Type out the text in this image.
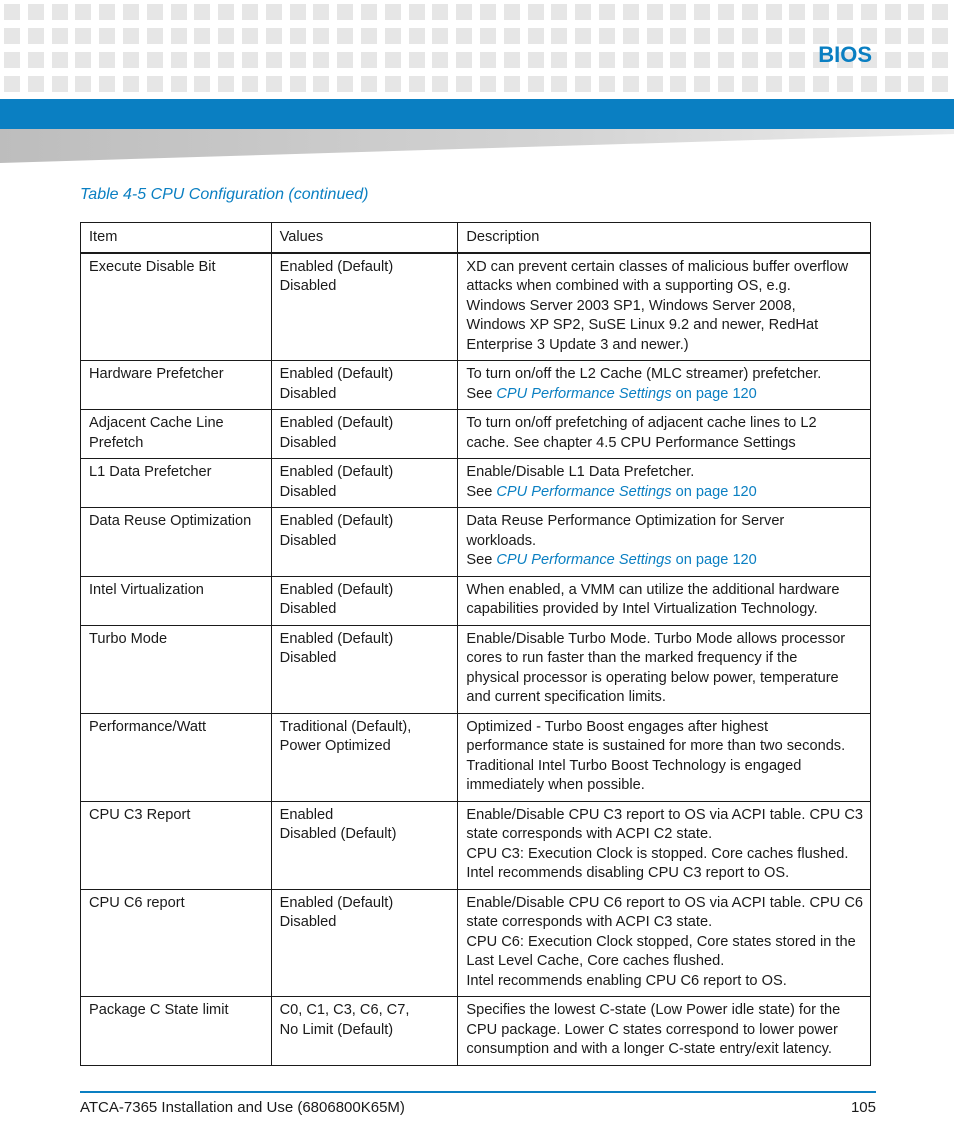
BIOS
Table 4-5 CPU Configuration (continued)
Item	Values	Description

Execute Disable Bit	Enabled (Default)
Disabled	XD can prevent certain classes of malicious buffer overflow
attacks when combined with a supporting OS, e.g.
Windows Server 2003 SP1, Windows Server 2008,
Windows XP SP2, SuSE Linux 9.2 and newer, RedHat
Enterprise 3 Update 3 and newer.)

Hardware Prefetcher	Enabled (Default)
Disabled	To turn on/off the L2 Cache (MLC streamer) prefetcher.
See CPU Performance Settings on page 120

Adjacent Cache Line
Prefetch	Enabled (Default)
Disabled	To turn on/off prefetching of adjacent cache lines to L2
cache. See chapter 4.5 CPU Performance Settings

L1 Data Prefetcher	Enabled (Default)
Disabled	Enable/Disable L1 Data Prefetcher.
See CPU Performance Settings on page 120

Data Reuse Optimization	Enabled (Default)
Disabled	Data Reuse Performance Optimization for Server
workloads.
See CPU Performance Settings on page 120

Intel Virtualization	Enabled (Default)
Disabled	When enabled, a VMM can utilize the additional hardware
capabilities provided by Intel Virtualization Technology.

Turbo Mode	Enabled (Default)
Disabled	Enable/Disable Turbo Mode. Turbo Mode allows processor
cores to run faster than the marked frequency if the
physical processor is operating below power, temperature
and current specification limits.

Performance/Watt	Traditional (Default),
Power Optimized	Optimized - Turbo Boost engages after highest
performance state is sustained for more than two seconds.
Traditional Intel Turbo Boost Technology is engaged
immediately when possible.

CPU C3 Report	Enabled
Disabled (Default)	Enable/Disable CPU C3 report to OS via ACPI table. CPU C3
state corresponds with ACPI C2 state.
CPU C3: Execution Clock is stopped. Core caches flushed.
Intel recommends disabling CPU C3 report to OS.

CPU C6 report	Enabled (Default)
Disabled	Enable/Disable CPU C6 report to OS via ACPI table. CPU C6
state corresponds with ACPI C3 state.
CPU C6: Execution Clock stopped, Core states stored in the
Last Level Cache, Core caches flushed.
Intel recommends enabling CPU C6 report to OS.

Package C State limit	C0, C1, C3, C6, C7,
No Limit (Default)	Specifies the lowest C-state (Low Power idle state) for the
CPU package. Lower C states correspond to lower power
consumption and with a longer C-state entry/exit latency.
ATCA-7365 Installation and Use (6806800K65M)	105
